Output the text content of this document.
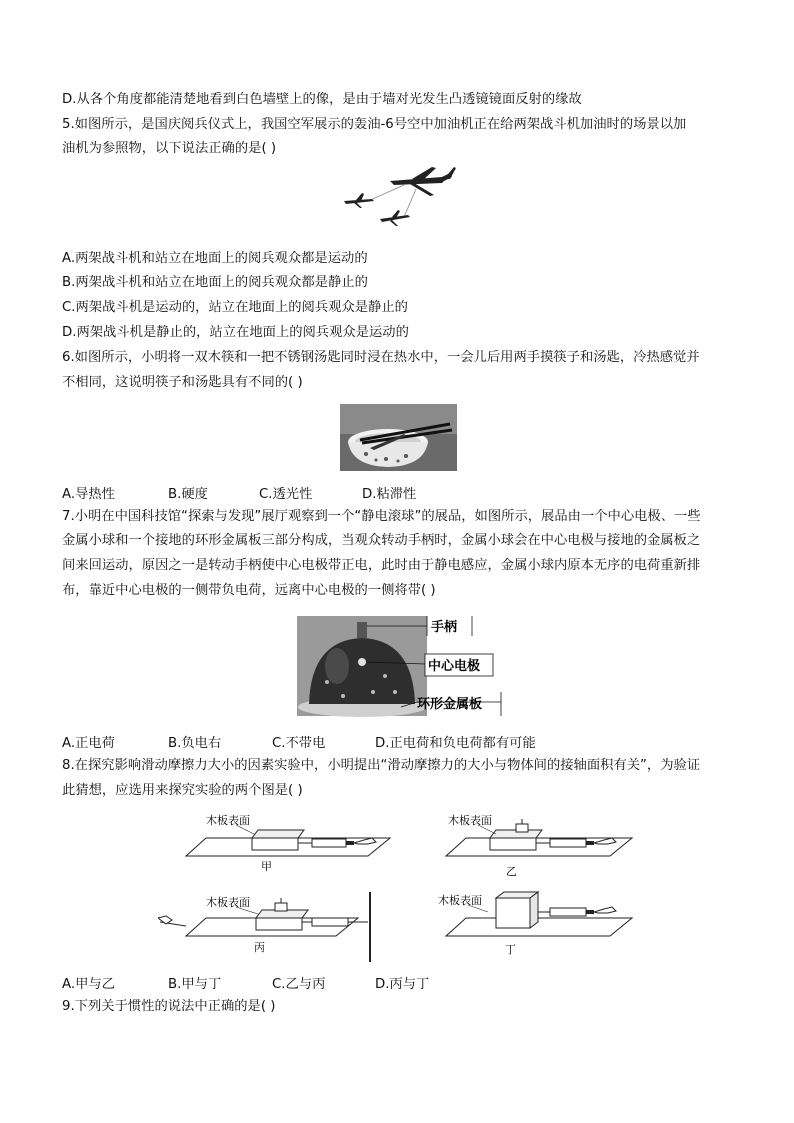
D.从各个角度都能清楚地看到白色墙壁上的像，是由于墙对光发生凸透镜镜面反射的缘故
5.如图所示，是国庆阅兵仪式上，我国空军展示的轰油-6号空中加油机正在给两架战斗机加油时的场景以加
油机为参照物，以下说法正确的是( )
A.两架战斗机和站立在地面上的阅兵观众都是运动的
B.两架战斗机和站立在地面上的阅兵观众都是静止的
C.两架战斗机是运动的，站立在地面上的阅兵观众是静止的
D.两架战斗机是静止的，站立在地面上的阅兵观众是运动的
6.如图所示，小明将一双木筷和一把不锈钢汤匙同时浸在热水中，一会儿后用两手摸筷子和汤匙，冷热感觉并
不相同，这说明筷子和汤匙具有不同的( )
A.导热性	B.硬度	C.透光性	D.粘滞性
7.小明在中国科技馆“探索与发现”展厅观察到一个“静电滚球”的展品，如图所示，展品由一个中心电极、一些
金属小球和一个接地的环形金属板三部分构成，当观众转动手柄时，金属小球会在中心电极与接地的金属板之
间来回运动，原因之一是转动手柄使中心电极带正电，此时由于静电感应，金属小球内原本无序的电荷重新排
布，靠近中心电极的一侧带负电荷，远离中心电极的一侧将带( )
手柄
中心电极
环形金属板
A.正电荷	B.负电右	C.不带电	D.正电荷和负电荷都有可能
8.在探究影响滑动摩擦力大小的因素实验中，小明提出“滑动摩擦力的大小与物体间的接轴面积有关”，为验证
此猜想，应选用来探究实验的两个图是( )
木板表面
甲
木板表面
乙
木板表面
丙
木板表面
丁
A.甲与乙	B.甲与丁	C.乙与丙	D.丙与丁
9.下列关于惯性的说法中正确的是( )
